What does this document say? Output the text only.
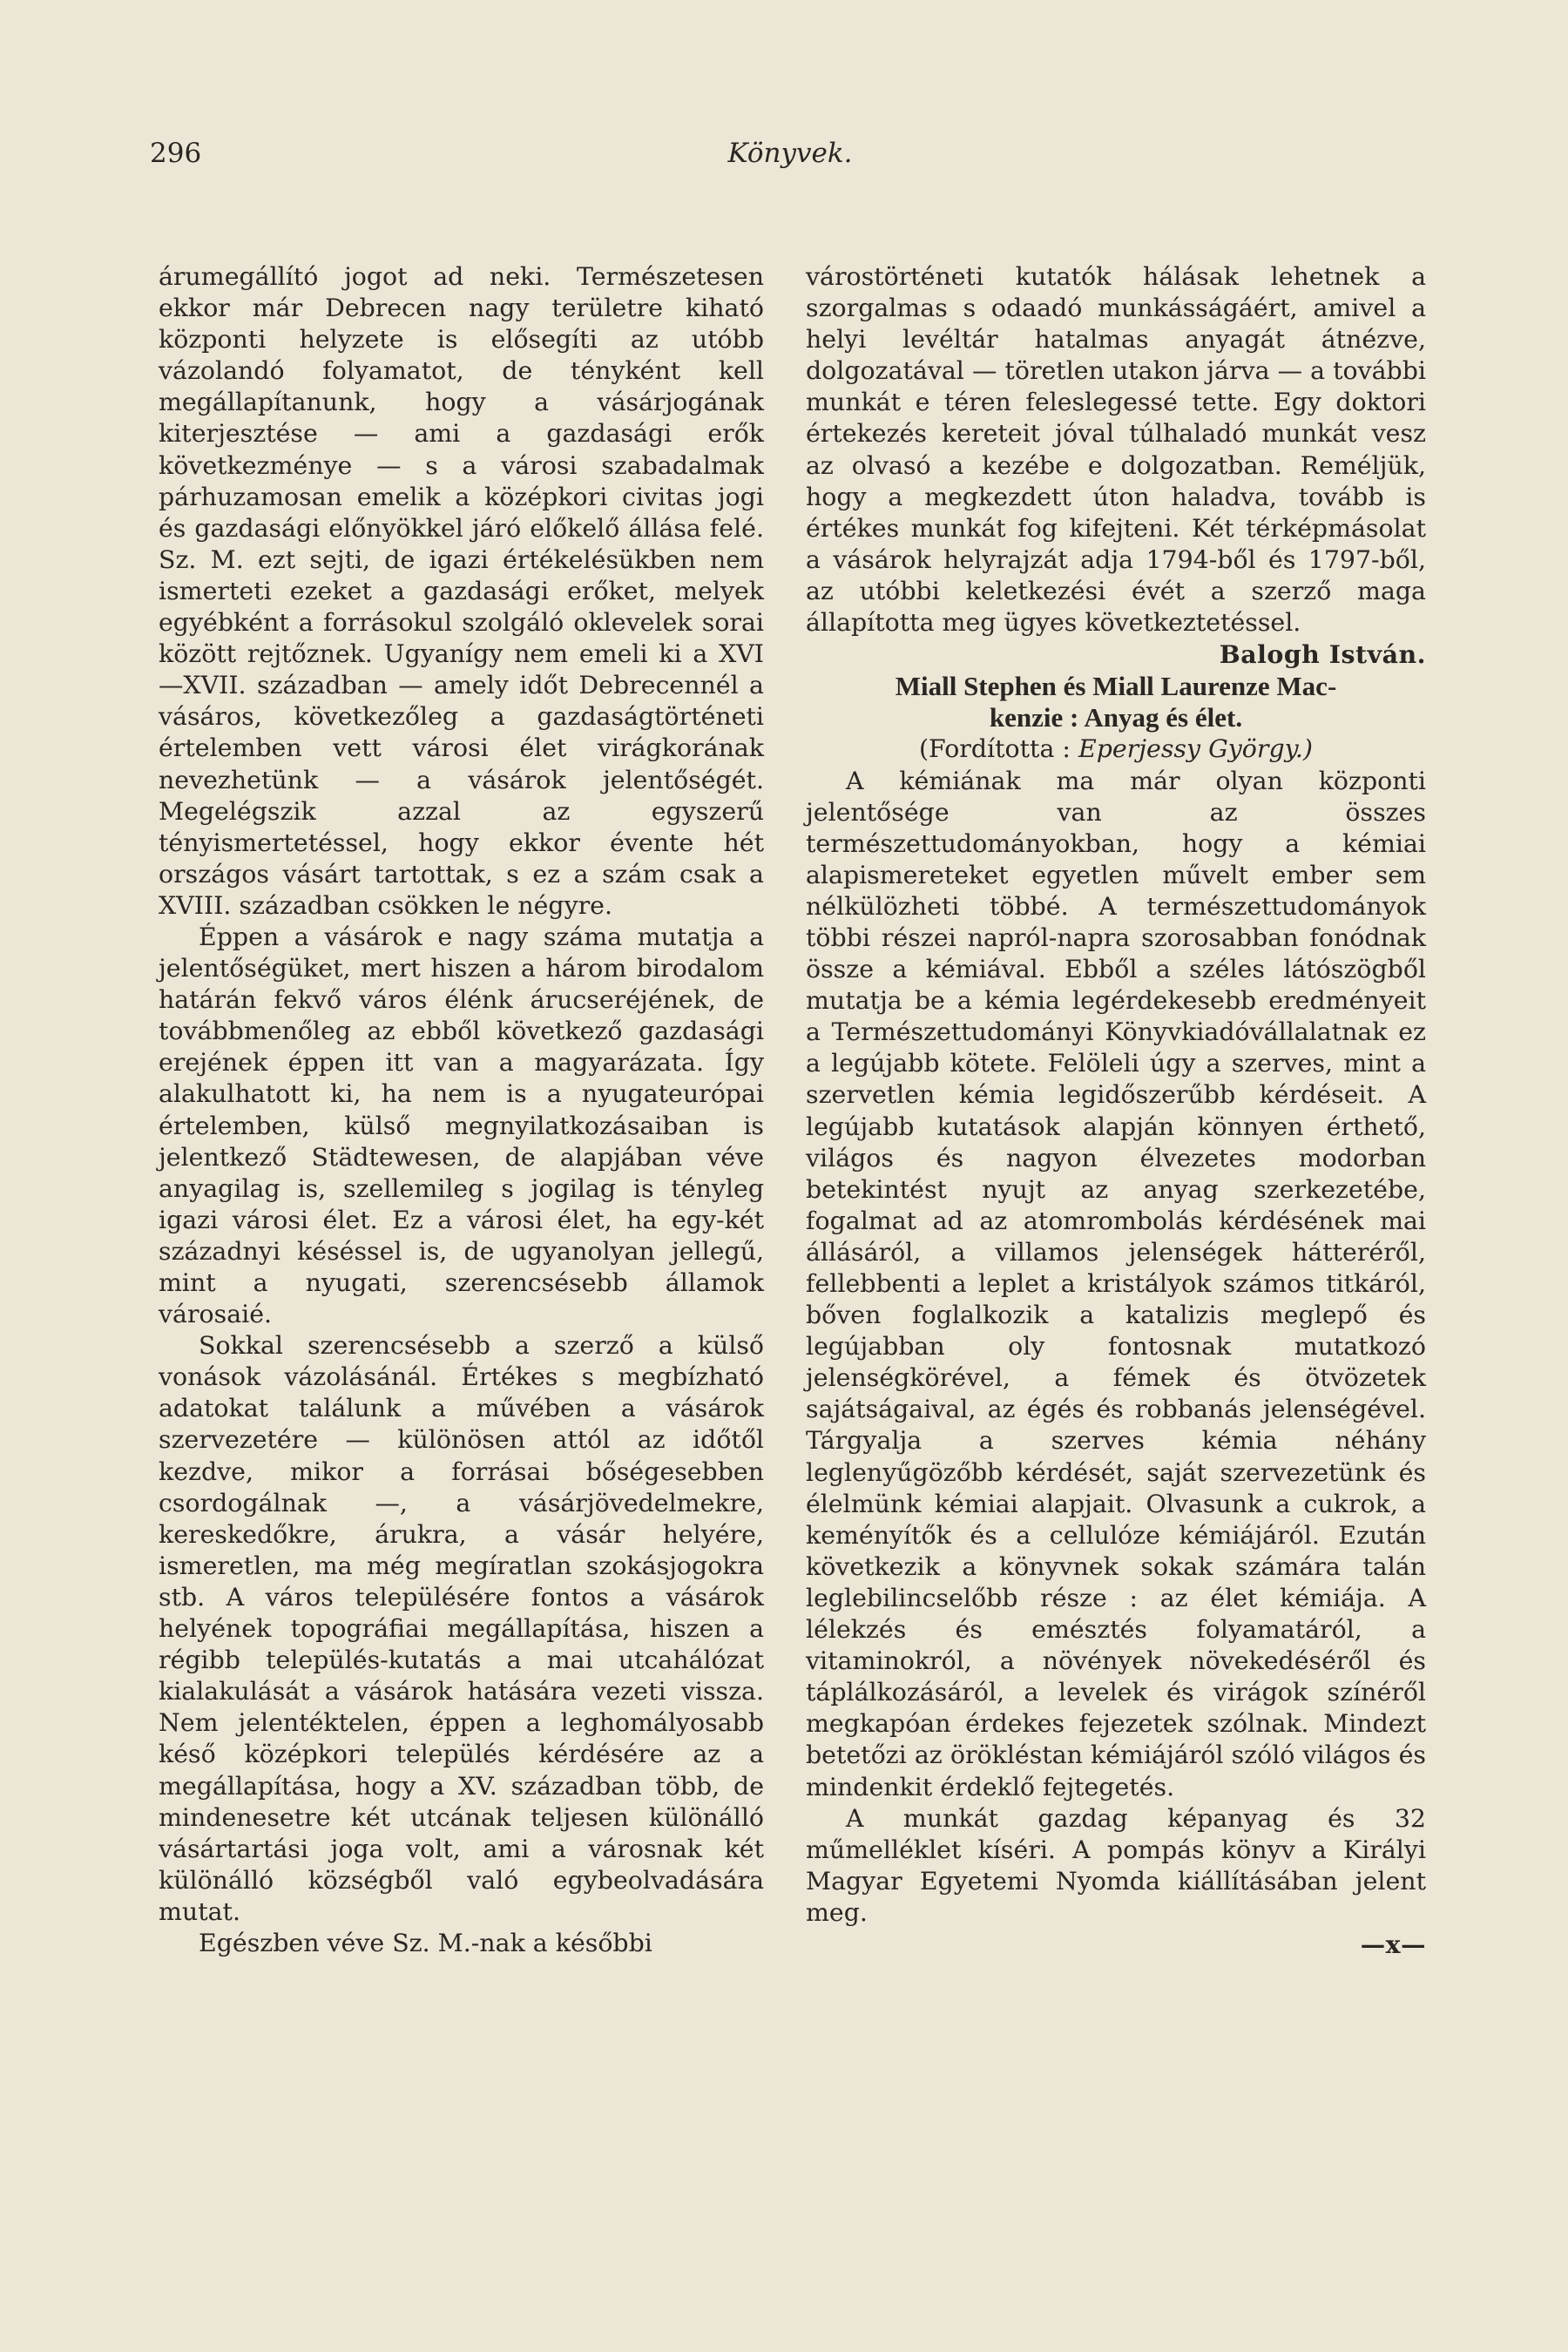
296	Könyvek.

árumegállító jogot ad neki. Természetesen ekkor már Debrecen nagy területre kiható központi helyzete is elősegíti az utóbb vázolandó folyamatot, de tényként kell megállapítanunk, hogy a vásárjogának kiterjesztése — ami a gazdasági erők következménye — s a városi szabadalmak párhuzamosan emelik a középkori civitas jogi és gazdasági előnyökkel járó előkelő állása felé. Sz. M. ezt sejti, de igazi értékelésükben nem ismerteti ezeket a gazdasági erőket, melyek egyébként a forrásokul szolgáló oklevelek sorai között rejtőznek. Ugyanígy nem emeli ki a XVI—XVII. században — amely időt Debrecennél a vásáros, következőleg a gazdaságtörténeti értelemben vett városi élet virágkorának nevezhetünk — a vásárok jelentőségét. Megelégszik azzal az egyszerű tényismertetéssel, hogy ekkor évente hét országos vásárt tartottak, s ez a szám csak a XVIII. században csökken le négyre.

Éppen a vásárok e nagy száma mutatja a jelentőségüket, mert hiszen a három birodalom határán fekvő város élénk árucseréjének, de továbbmenőleg az ebből következő gazdasági erejének éppen itt van a magyarázata. Így alakulhatott ki, ha nem is a nyugateurópai értelemben, külső megnyilatkozásaiban is jelentkező Städtewesen, de alapjában véve anyagilag is, szellemileg s jogilag is tényleg igazi városi élet. Ez a városi élet, ha egy-két századnyi késéssel is, de ugyanolyan jellegű, mint a nyugati, szerencsésebb államok városaié.

Sokkal szerencsésebb a szerző a külső vonások vázolásánál. Értékes s megbízható adatokat találunk a művében a vásárok szervezetére — különösen attól az időtől kezdve, mikor a forrásai bőségesebben csordogálnak —, a vásárjövedelmekre, kereskedőkre, árukra, a vásár helyére, ismeretlen, ma még megíratlan szokásjogokra stb. A város településére fontos a vásárok helyének topográfiai megállapítása, hiszen a régibb település-kutatás a mai utcahálózat kialakulását a vásárok hatására vezeti vissza. Nem jelentéktelen, éppen a leghomályosabb késő középkori település kérdésére az a megállapítása, hogy a XV. században több, de mindenesetre két utcának teljesen különálló vásártartási joga volt, ami a városnak két különálló községből való egybeolvadására mutat.

Egészben véve Sz. M.-nak a későbbi

várostörténeti kutatók hálásak lehetnek a szorgalmas s odaadó munkásságáért, amivel a helyi levéltár hatalmas anyagát átnézve, dolgozatával — töretlen utakon járva — a további munkát e téren feleslegessé tette. Egy doktori értekezés kereteit jóval túlhaladó munkát vesz az olvasó a kezébe e dolgozatban. Reméljük, hogy a megkezdett úton haladva, tovább is értékes munkát fog kifejteni. Két térképmásolat a vásárok helyrajzát adja 1794-ből és 1797-ből, az utóbbi keletkezési évét a szerző maga állapította meg ügyes következtetéssel.

Balogh István.

Miall Stephen és Miall Laurenze Mac-

kenzie : Anyag és élet.

(Fordította : Eperjessy György.)

A kémiának ma már olyan központi jelentősége van az összes természettudományokban, hogy a kémiai alapismereteket egyetlen művelt ember sem nélkülözheti többé. A természettudományok többi részei napról-napra szorosabban fonódnak össze a kémiával. Ebből a széles látószögből mutatja be a kémia legérdekesebb eredményeit a Természettudományi Könyvkiadóvállalatnak ez a legújabb kötete. Felöleli úgy a szerves, mint a szervetlen kémia legidőszerűbb kérdéseit. A legújabb kutatások alapján könnyen érthető, világos és nagyon élvezetes modorban betekintést nyujt az anyag szerkezetébe, fogalmat ad az atomrombolás kérdésének mai állásáról, a villamos jelenségek hátteréről, fellebbenti a leplet a kristályok számos titkáról, bőven foglalkozik a katalizis meglepő és legújabban oly fontosnak mutatkozó jelenségkörével, a fémek és ötvözetek sajátságaival, az égés és robbanás jelenségével. Tárgyalja a szerves kémia néhány leglenyűgözőbb kérdését, saját szervezetünk és élelmünk kémiai alapjait. Olvasunk a cukrok, a keményítők és a cellulóze kémiájáról. Ezután következik a könyvnek sokak számára talán leglebilincselőbb része : az élet kémiája. A lélekzés és emésztés folyamatáról, a vitaminokról, a növények növekedéséről és táplálkozásáról, a levelek és virágok színéről megkapóan érdekes fejezetek szólnak. Mindezt betetőzi az örökléstan kémiájáról szóló világos és mindenkit érdeklő fejtegetés.

A munkát gazdag képanyag és 32 műmelléklet kíséri. A pompás könyv a Királyi Magyar Egyetemi Nyomda kiállításában jelent meg.

—x—
